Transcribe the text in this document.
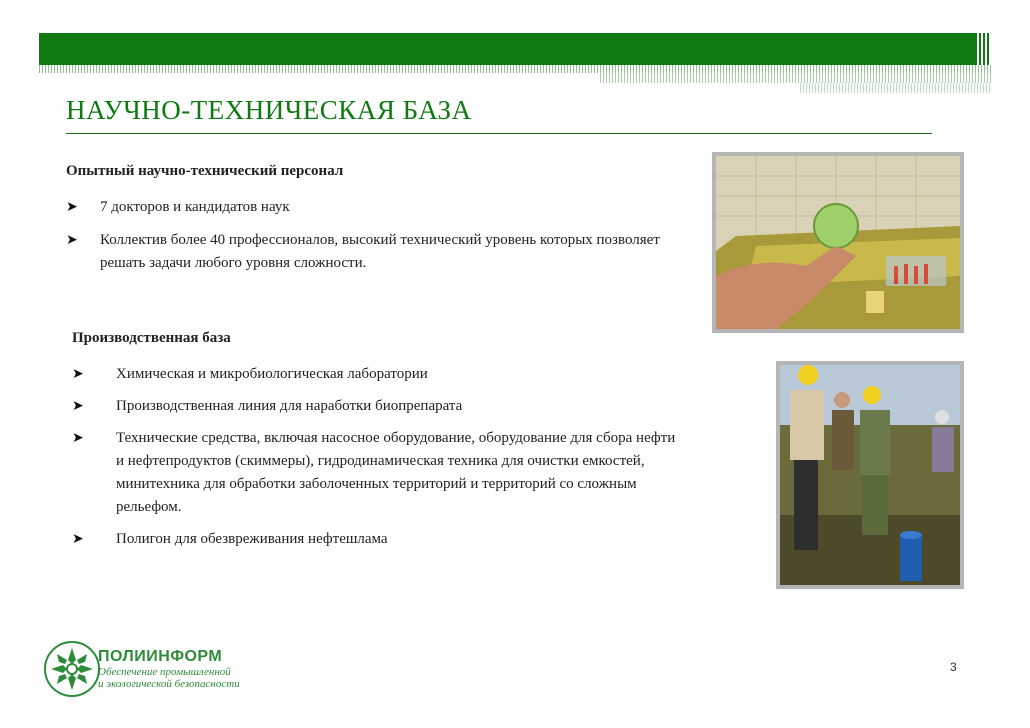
НАУЧНО-ТЕХНИЧЕСКАЯ БАЗА
Опытный научно-технический персонал
➤ 7 докторов и кандидатов наук
➤ Коллектив более 40 профессионалов, высокий технический уровень которых позволяет решать задачи любого уровня сложности.
Производственная база
➤ Химическая и микробиологическая лаборатории
➤ Производственная линия для наработки биопрепарата
➤ Технические средства, включая насосное оборудование, оборудование для сбора нефти и нефтепродуктов (скиммеры), гидродинамическая техника для очистки емкостей, минитехника для обработки заболоченных территорий и территорий со сложным рельефом.
➤ Полигон для обезвреживания нефтешлама
ПОЛИИНФОРМ
Обеспечение промышленной
и экологической безопасности
3
